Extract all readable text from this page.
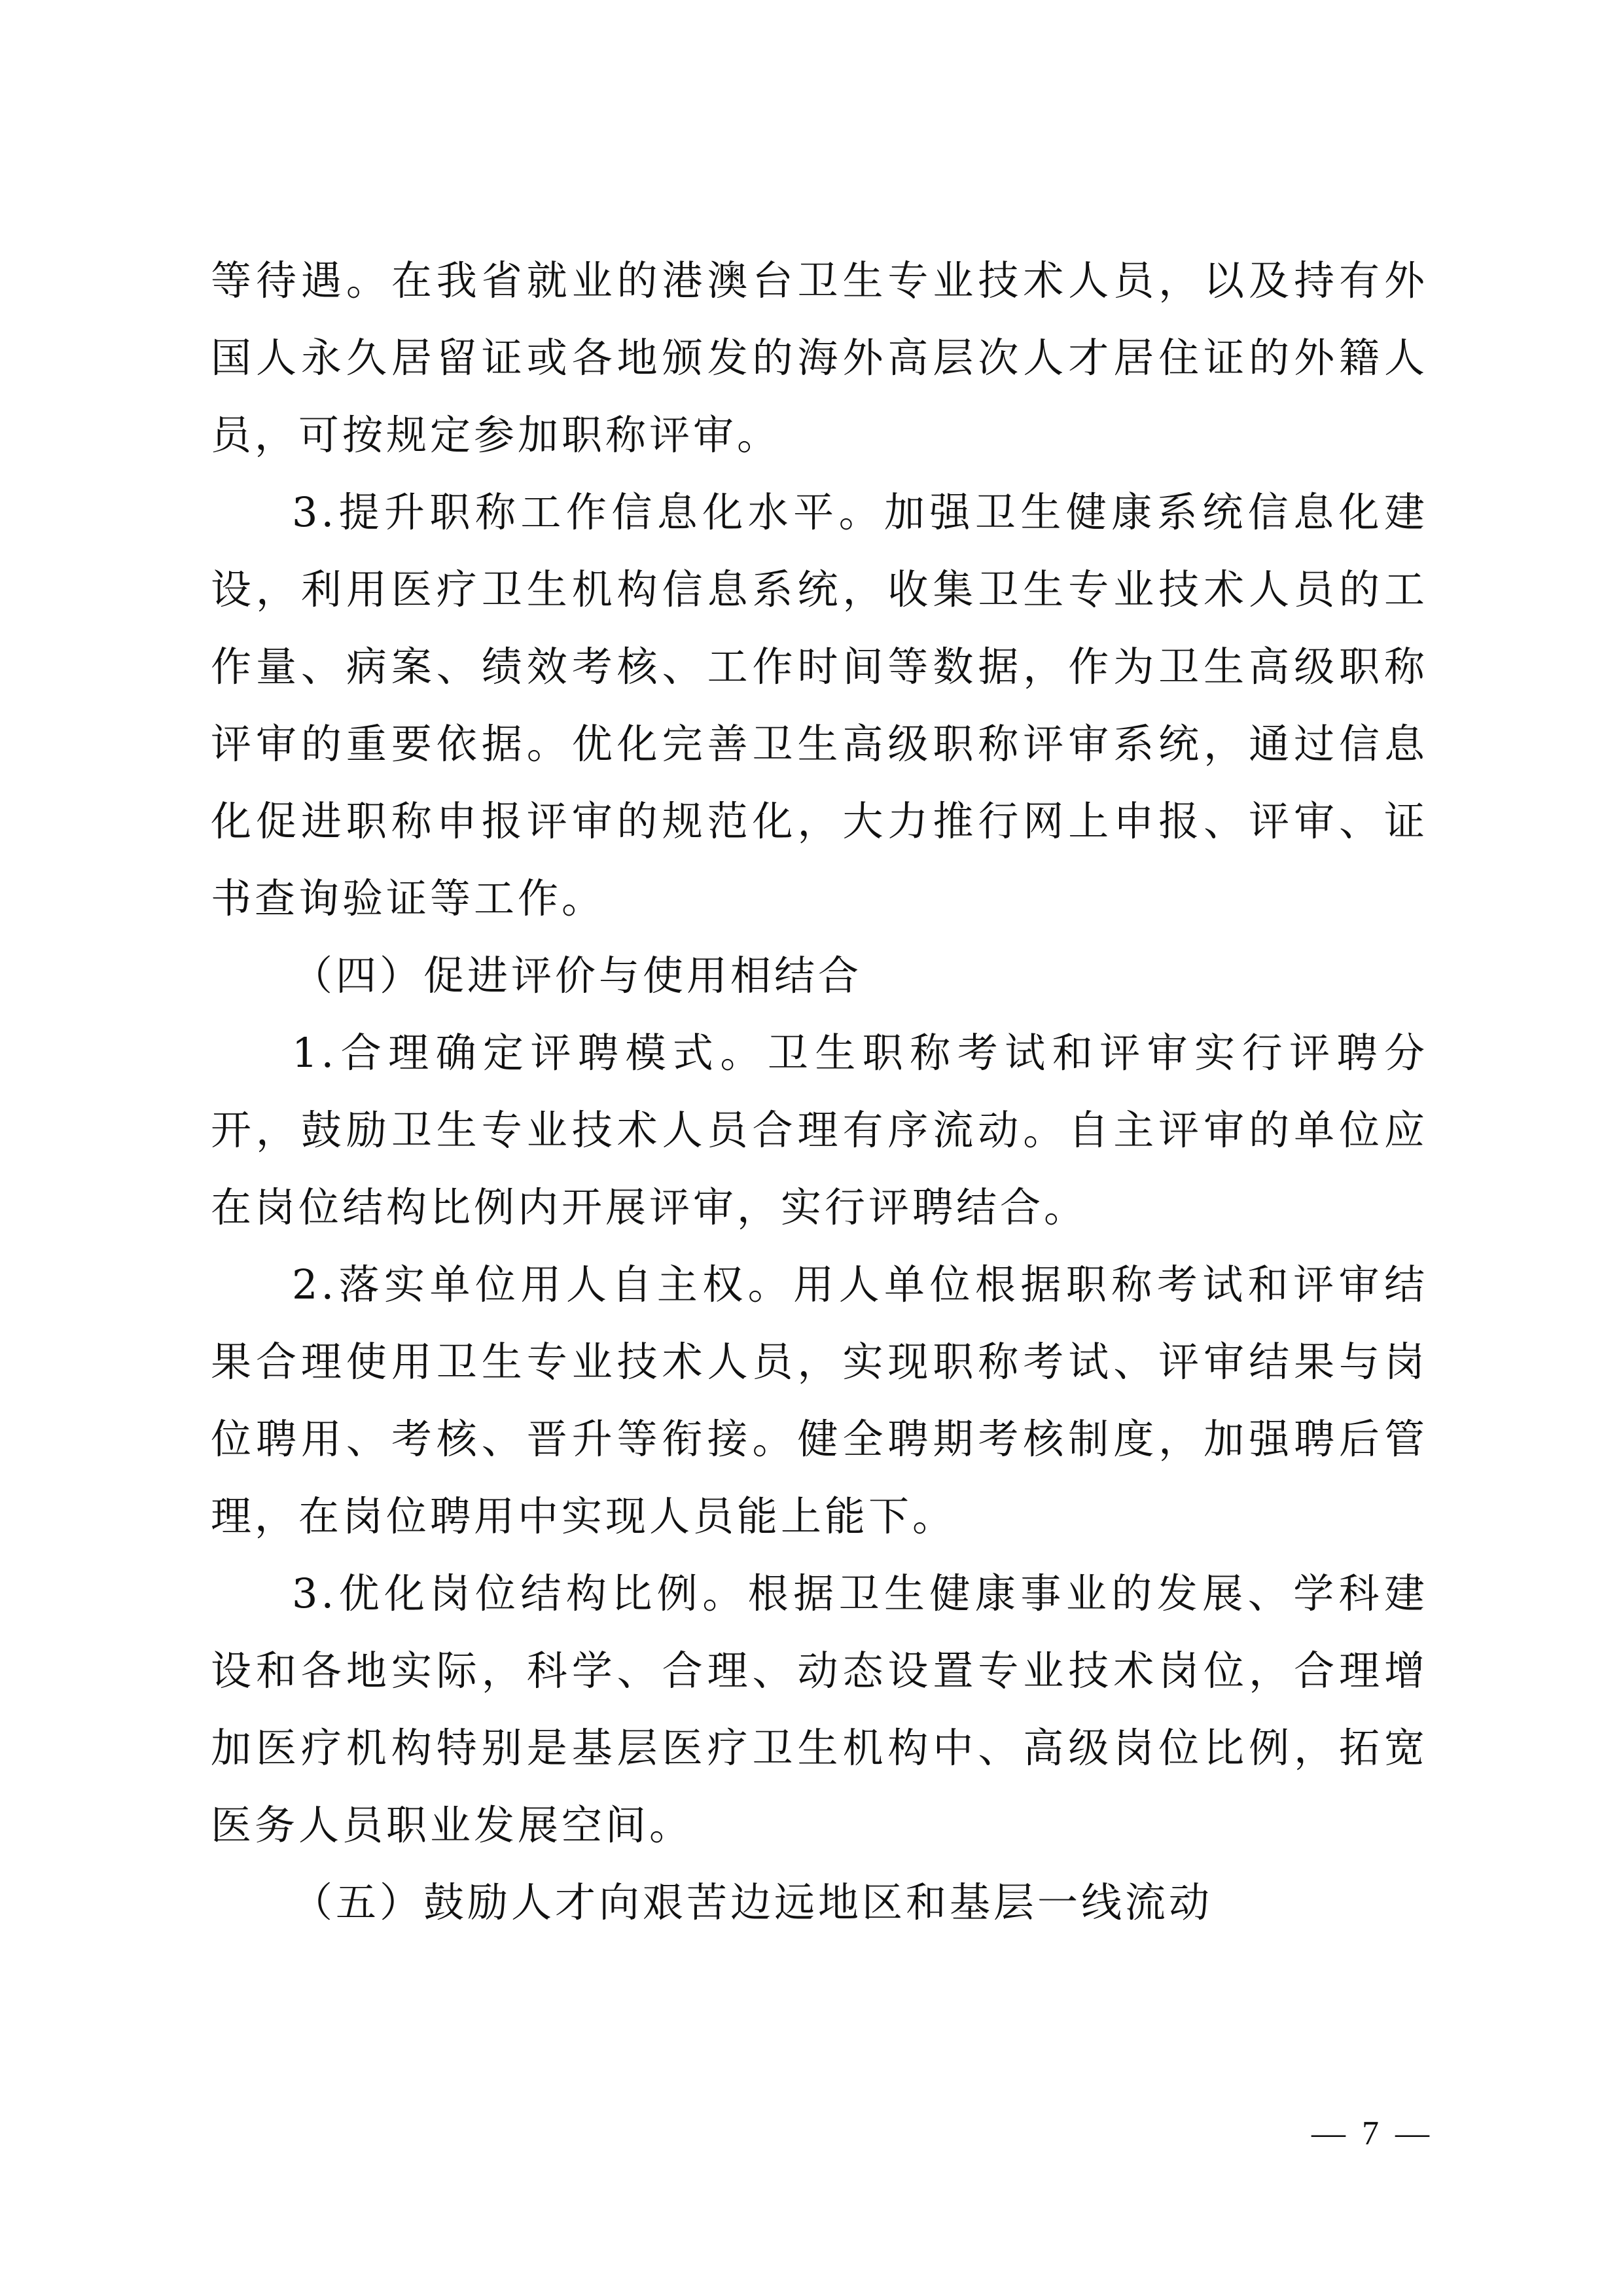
等待遇。在我省就业的港澳台卫生专业技术人员，以及持有外国人永久居留证或各地颁发的海外高层次人才居住证的外籍人员，可按规定参加职称评审。

3.提升职称工作信息化水平。加强卫生健康系统信息化建设，利用医疗卫生机构信息系统，收集卫生专业技术人员的工作量、病案、绩效考核、工作时间等数据，作为卫生高级职称评审的重要依据。优化完善卫生高级职称评审系统，通过信息化促进职称申报评审的规范化，大力推行网上申报、评审、证书查询验证等工作。

（四）促进评价与使用相结合

1.合理确定评聘模式。卫生职称考试和评审实行评聘分开，鼓励卫生专业技术人员合理有序流动。自主评审的单位应在岗位结构比例内开展评审，实行评聘结合。

2.落实单位用人自主权。用人单位根据职称考试和评审结果合理使用卫生专业技术人员，实现职称考试、评审结果与岗位聘用、考核、晋升等衔接。健全聘期考核制度，加强聘后管理，在岗位聘用中实现人员能上能下。

3.优化岗位结构比例。根据卫生健康事业的发展、学科建设和各地实际，科学、合理、动态设置专业技术岗位，合理增加医疗机构特别是基层医疗卫生机构中、高级岗位比例，拓宽医务人员职业发展空间。

（五）鼓励人才向艰苦边远地区和基层一线流动

— 7 —
